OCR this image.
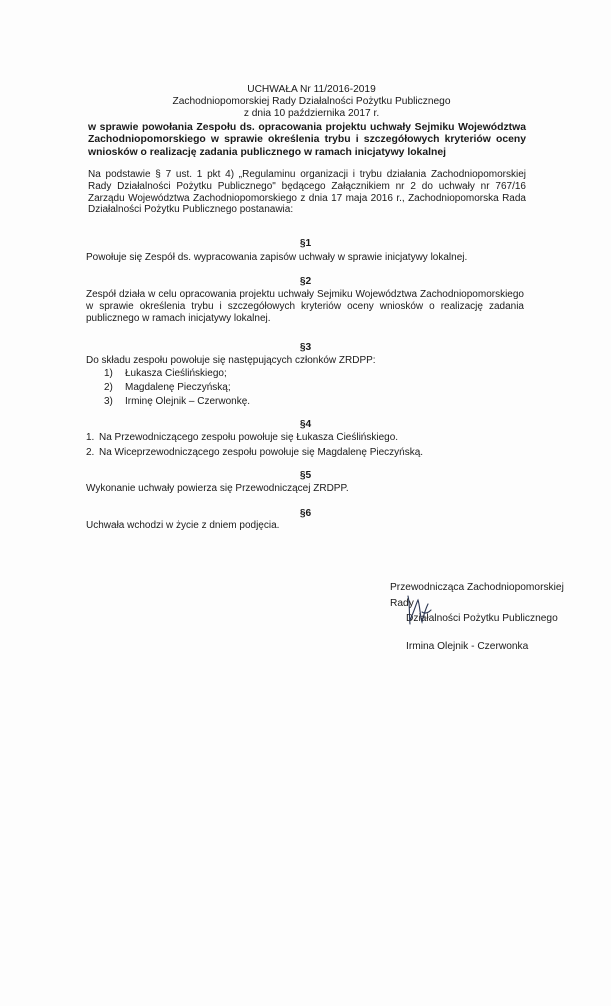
UCHWAŁA Nr 11/2016-2019
Zachodniopomorskiej Rady Działalności Pożytku Publicznego
z dnia 10 października 2017 r.
w sprawie powołania Zespołu ds. opracowania projektu uchwały Sejmiku Województwa Zachodniopomorskiego w sprawie określenia trybu i szczegółowych kryteriów oceny wniosków o realizację zadania publicznego w ramach inicjatywy lokalnej
Na podstawie § 7 ust. 1 pkt 4) „Regulaminu organizacji i trybu działania Zachodniopomorskiej Rady Działalności Pożytku Publicznego" będącego Załącznikiem nr 2 do uchwały nr 767/16 Zarządu Województwa Zachodniopomorskiego z dnia 17 maja 2016 r., Zachodniopomorska Rada Działalności Pożytku Publicznego postanawia:
§1
Powołuje się Zespół ds. wypracowania zapisów uchwały w sprawie inicjatywy lokalnej.
§2
Zespół działa w celu opracowania projektu uchwały Sejmiku Województwa Zachodniopomorskiego w sprawie określenia trybu i szczegółowych kryteriów oceny wniosków o realizację zadania publicznego w ramach inicjatywy lokalnej.
§3
Do składu zespołu powołuje się następujących członków ZRDPP:
1)	Łukasza Cieślińskiego;
2)	Magdalenę Pieczyńską;
3)	Irminę Olejnik – Czerwonkę.
§4
1. Na Przewodniczącego zespołu powołuje się Łukasza Cieślińskiego.
2. Na Wiceprzewodniczącego zespołu powołuje się Magdalenę Pieczyńską.
§5
Wykonanie uchwały powierza się Przewodniczącej ZRDPP.
§6
Uchwała wchodzi w życie z dniem podjęcia.
Przewodnicząca Zachodniopomorskiej Rady
Działalności Pożytku Publicznego
Irmina Olejnik - Czerwonka
